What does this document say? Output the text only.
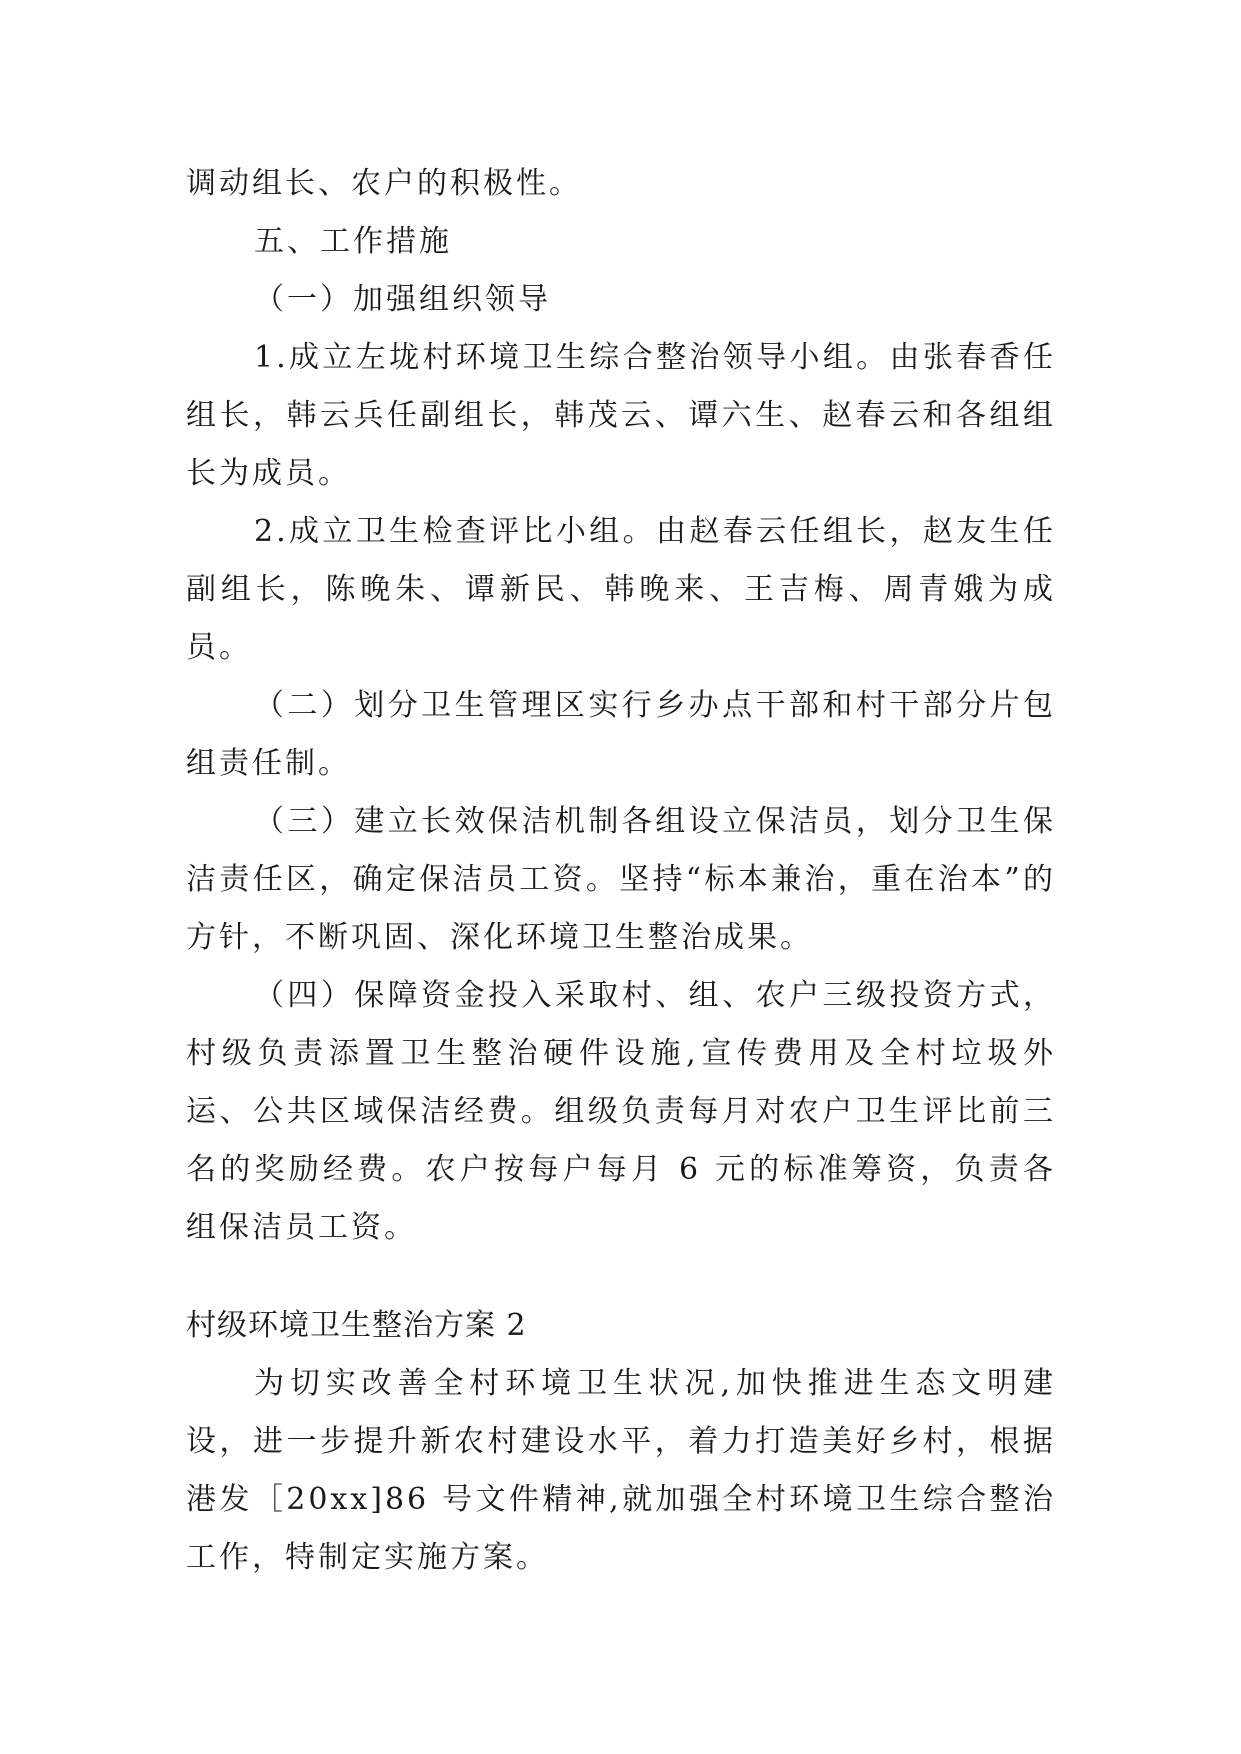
调动组长、农户的积极性。

五、工作措施

（一）加强组织领导

1.成立左垅村环境卫生综合整治领导小组。由张春香任组长，韩云兵任副组长，韩茂云、谭六生、赵春云和各组组长为成员。

2.成立卫生检查评比小组。由赵春云任组长，赵友生任副组长，陈晚朱、谭新民、韩晚来、王吉梅、周青娥为成员。

（二）划分卫生管理区实行乡办点干部和村干部分片包组责任制。

（三）建立长效保洁机制各组设立保洁员，划分卫生保洁责任区，确定保洁员工资。坚持“标本兼治，重在治本”的方针，不断巩固、深化环境卫生整治成果。

（四）保障资金投入采取村、组、农户三级投资方式，村级负责添置卫生整治硬件设施,宣传费用及全村垃圾外运、公共区域保洁经费。组级负责每月对农户卫生评比前三名的奖励经费。农户按每户每月 6 元的标准筹资，负责各组保洁员工资。

村级环境卫生整治方案 2

为切实改善全村环境卫生状况,加快推进生态文明建设，进一步提升新农村建设水平，着力打造美好乡村，根据港发［20xx]86 号文件精神,就加强全村环境卫生综合整治工作，特制定实施方案。
